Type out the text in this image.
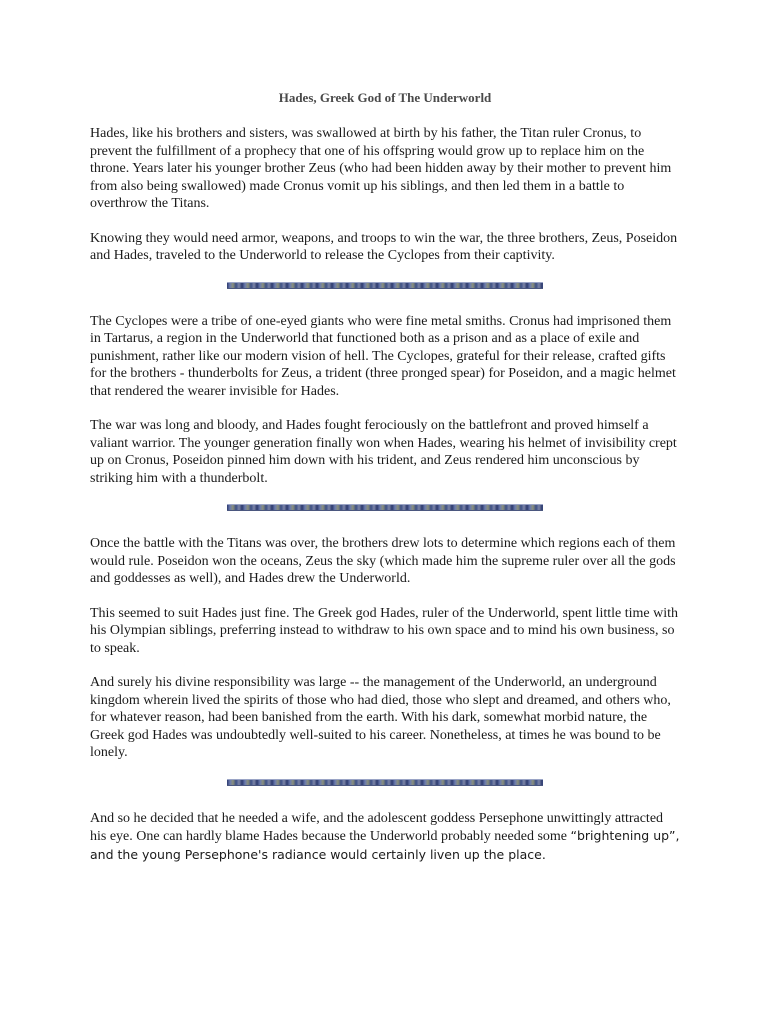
Hades, Greek God of The Underworld

Hades, like his brothers and sisters, was swallowed at birth by his father, the Titan ruler Cronus, to prevent the fulfillment of a prophecy that one of his offspring would grow up to replace him on the throne. Years later his younger brother Zeus (who had been hidden away by their mother to prevent him from also being swallowed) made Cronus vomit up his siblings, and then led them in a battle to overthrow the Titans.

Knowing they would need armor, weapons, and troops to win the war, the three brothers, Zeus, Poseidon and Hades, traveled to the Underworld to release the Cyclopes from their captivity.

The Cyclopes were a tribe of one-eyed giants who were fine metal smiths. Cronus had imprisoned them in Tartarus, a region in the Underworld that functioned both as a prison and as a place of exile and punishment, rather like our modern vision of hell. The Cyclopes, grateful for their release, crafted gifts for the brothers - thunderbolts for Zeus, a trident (three pronged spear) for Poseidon, and a magic helmet that rendered the wearer invisible for Hades.

The war was long and bloody, and Hades fought ferociously on the battlefront and proved himself a valiant warrior. The younger generation finally won when Hades, wearing his helmet of invisibility crept up on Cronus, Poseidon pinned him down with his trident, and Zeus rendered him unconscious by striking him with a thunderbolt.

Once the battle with the Titans was over, the brothers drew lots to determine which regions each of them would rule. Poseidon won the oceans, Zeus the sky (which made him the supreme ruler over all the gods and goddesses as well), and Hades drew the Underworld.

This seemed to suit Hades just fine. The Greek god Hades, ruler of the Underworld, spent little time with his Olympian siblings, preferring instead to withdraw to his own space and to mind his own business, so to speak.

And surely his divine responsibility was large -- the management of the Underworld, an underground kingdom wherein lived the spirits of those who had died, those who slept and dreamed, and others who, for whatever reason, had been banished from the earth. With his dark, somewhat morbid nature, the Greek god Hades was undoubtedly well-suited to his career. Nonetheless, at times he was bound to be lonely.

And so he decided that he needed a wife, and the adolescent goddess Persephone unwittingly attracted his eye. One can hardly blame Hades because the Underworld probably needed some “brightening up”, and the young Persephone's radiance would certainly liven up the place.
